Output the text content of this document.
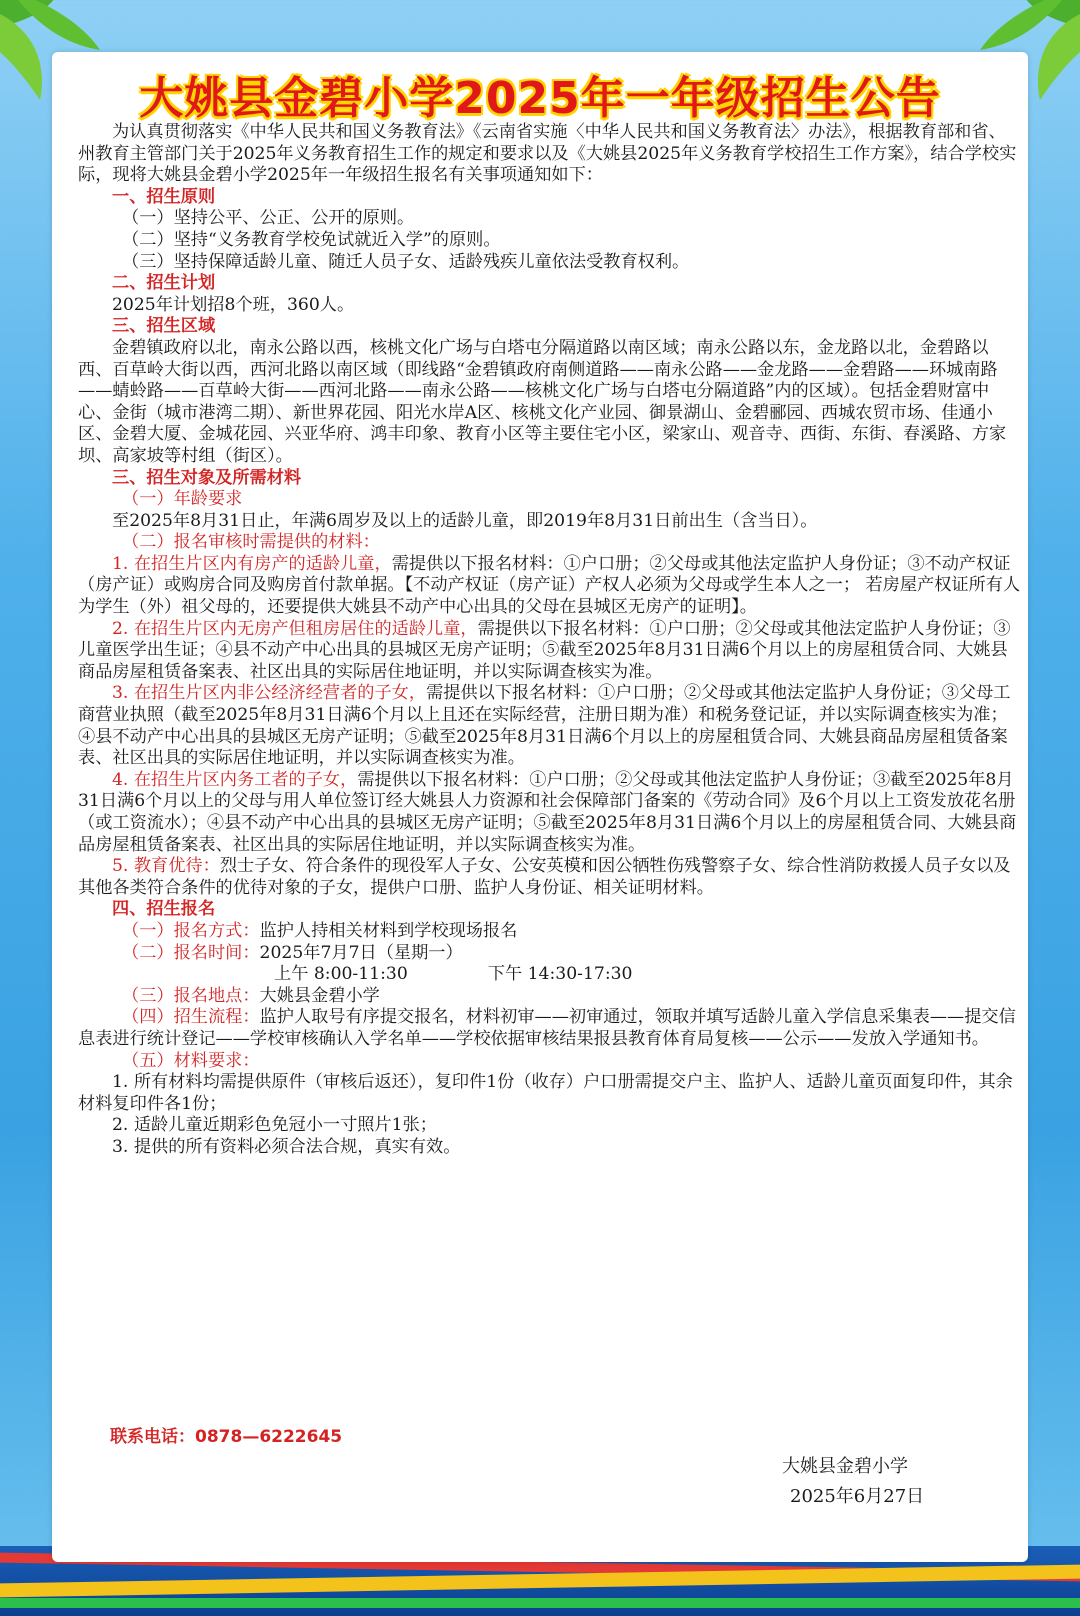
大姚县金碧小学2025年一年级招生公告

为认真贯彻落实《中华人民共和国义务教育法》《云南省实施〈中华人民共和国义务教育法〉办法》，根据教育部和省、州教育主管部门关于2025年义务教育招生工作的规定和要求以及《大姚县2025年义务教育学校招生工作方案》，结合学校实际，现将大姚县金碧小学2025年一年级招生报名有关事项通知如下：

一、招生原则

（一）坚持公平、公正、公开的原则。

（二）坚持“义务教育学校免试就近入学”的原则。

（三）坚持保障适龄儿童、随迁人员子女、适龄残疾儿童依法受教育权利。

二、招生计划

2025年计划招8个班，360人。

三、招生区域

金碧镇政府以北，南永公路以西，核桃文化广场与白塔屯分隔道路以南区域；南永公路以东，金龙路以北，金碧路以西、百草岭大街以西，西河北路以南区域（即线路“金碧镇政府南侧道路——南永公路——金龙路——金碧路——环城南路——蜻蛉路——百草岭大街——西河北路——南永公路——核桃文化广场与白塔屯分隔道路”内的区域）。包括金碧财富中心、金街（城市港湾二期）、新世界花园、阳光水岸A区、核桃文化产业园、御景湖山、金碧郦园、西城农贸市场、佳通小区、金碧大厦、金城花园、兴亚华府、鸿丰印象、教育小区等主要住宅小区，梁家山、观音寺、西街、东街、春溪路、方家坝、高家坡等村组（街区）。

三、招生对象及所需材料

（一）年龄要求

至2025年8月31日止，年满6周岁及以上的适龄儿童，即2019年8月31日前出生（含当日）。

（二）报名审核时需提供的材料：

1. 在招生片区内有房产的适龄儿童，需提供以下报名材料：①户口册；②父母或其他法定监护人身份证；③不动产权证（房产证）或购房合同及购房首付款单据。【不动产权证（房产证）产权人必须为父母或学生本人之一； 若房屋产权证所有人为学生（外）祖父母的，还要提供大姚县不动产中心出具的父母在县城区无房产的证明】。

2. 在招生片区内无房产但租房居住的适龄儿童，需提供以下报名材料：①户口册；②父母或其他法定监护人身份证；③儿童医学出生证；④县不动产中心出具的县城区无房产证明；⑤截至2025年8月31日满6个月以上的房屋租赁合同、大姚县商品房屋租赁备案表、社区出具的实际居住地证明，并以实际调查核实为准。

3. 在招生片区内非公经济经营者的子女，需提供以下报名材料：①户口册；②父母或其他法定监护人身份证；③父母工商营业执照（截至2025年8月31日满6个月以上且还在实际经营，注册日期为准）和税务登记证，并以实际调查核实为准；④县不动产中心出具的县城区无房产证明；⑤截至2025年8月31日满6个月以上的房屋租赁合同、大姚县商品房屋租赁备案表、社区出具的实际居住地证明，并以实际调查核实为准。

4. 在招生片区内务工者的子女，需提供以下报名材料：①户口册；②父母或其他法定监护人身份证；③截至2025年8月31日满6个月以上的父母与用人单位签订经大姚县人力资源和社会保障部门备案的《劳动合同》及6个月以上工资发放花名册（或工资流水）；④县不动产中心出具的县城区无房产证明；⑤截至2025年8月31日满6个月以上的房屋租赁合同、大姚县商品房屋租赁备案表、社区出具的实际居住地证明，并以实际调查核实为准。

5. 教育优待：烈士子女、符合条件的现役军人子女、公安英模和因公牺牲伤残警察子女、综合性消防救援人员子女以及其他各类符合条件的优待对象的子女，提供户口册、监护人身份证、相关证明材料。

四、招生报名

（一）报名方式：监护人持相关材料到学校现场报名

（二）报名时间：2025年7月7日（星期一）

上午 8:00-11:30	下午 14:30-17:30

（三）报名地点：大姚县金碧小学

（四）招生流程：监护人取号有序提交报名，材料初审——初审通过，领取并填写适龄儿童入学信息采集表——提交信息表进行统计登记——学校审核确认入学名单——学校依据审核结果报县教育体育局复核——公示——发放入学通知书。

（五）材料要求：

1. 所有材料均需提供原件（审核后返还），复印件1份（收存）户口册需提交户主、监护人、适龄儿童页面复印件，其余材料复印件各1份；

2. 适龄儿童近期彩色免冠小一寸照片1张；

3. 提供的所有资料必须合法合规，真实有效。

联系电话：0878—6222645
大姚县金碧小学
2025年6月27日
